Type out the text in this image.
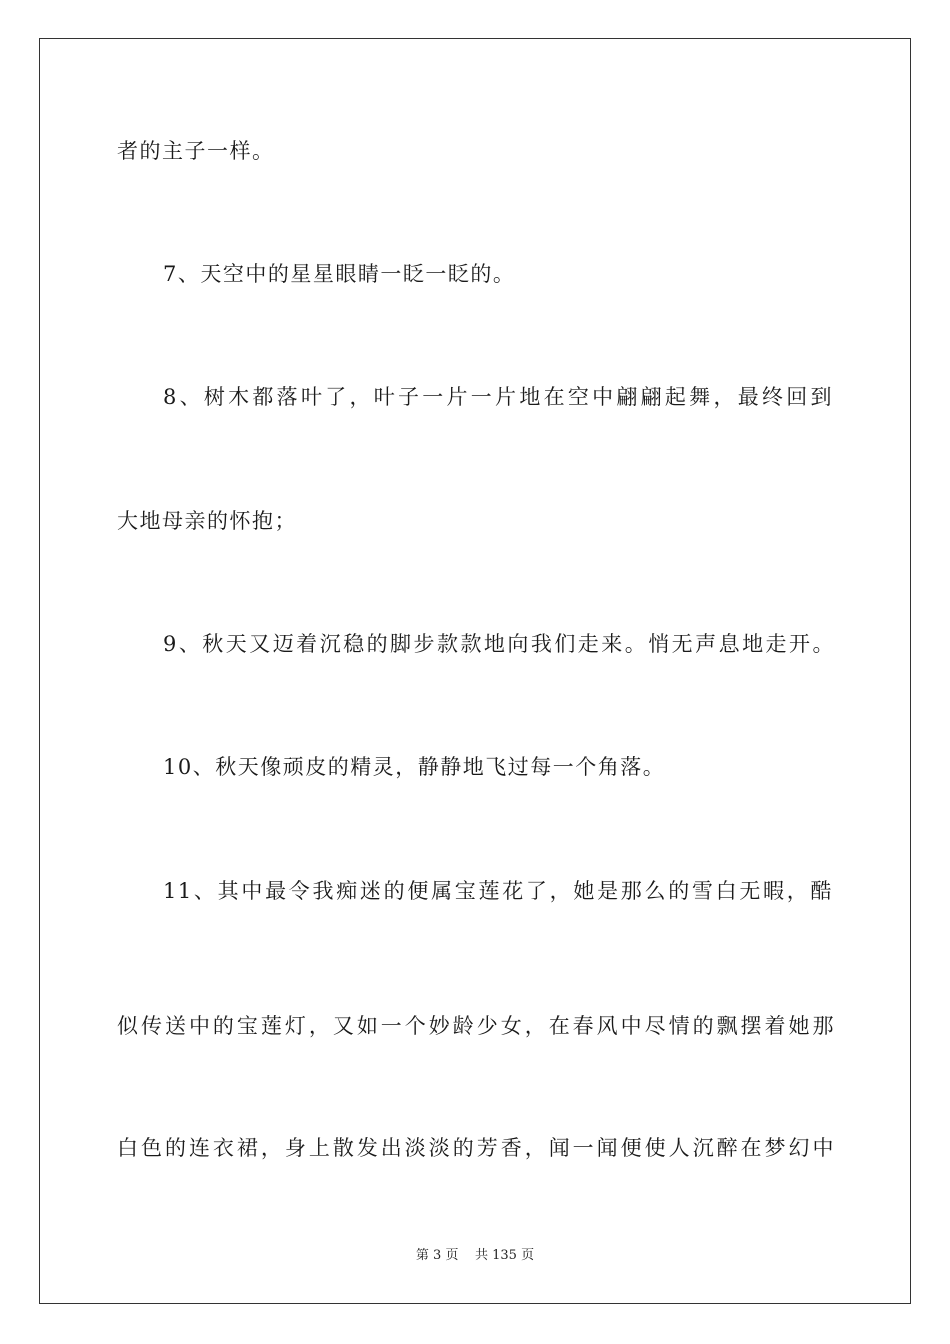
者的主子一样。
7、天空中的星星眼睛一眨一眨的。
8、树木都落叶了，叶子一片一片地在空中翩翩起舞，最终回到
大地母亲的怀抱；
9、秋天又迈着沉稳的脚步款款地向我们走来。悄无声息地走开。
10、秋天像顽皮的精灵，静静地飞过每一个角落。
11、其中最令我痴迷的便属宝莲花了，她是那么的雪白无暇，酷
似传送中的宝莲灯，又如一个妙龄少女，在春风中尽情的飘摆着她那
白色的连衣裙，身上散发出淡淡的芳香，闻一闻便使人沉醉在梦幻中
第 3 页    共 135 页
